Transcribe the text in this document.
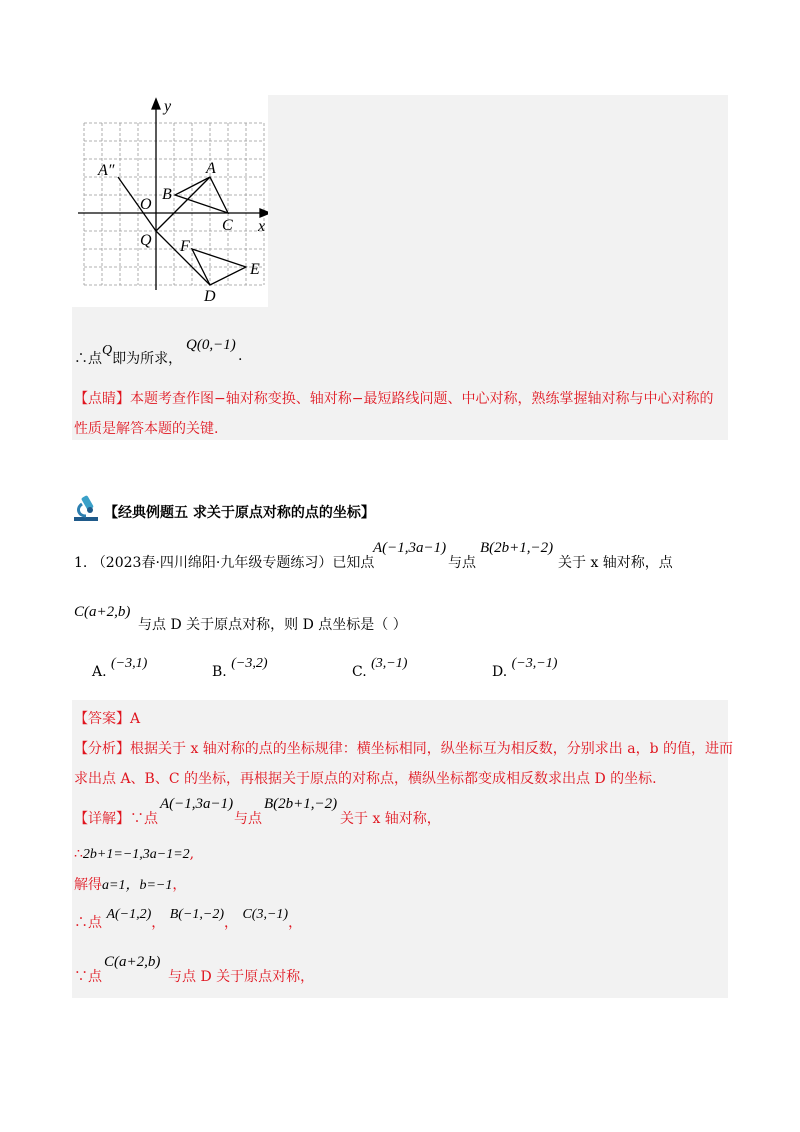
y
x
A″	A
B
O
C
Q F
E
D
∴点Q即为所求，
Q(0,−1)
.
【点睛】本题考查作图−轴对称变换、轴对称−最短路线问题、中心对称，熟练掌握轴对称与中心对称的
性质是解答本题的关键.
【经典例题五 求关于原点对称的点的坐标】
1. （2023春·四川绵阳·九年级专题练习）已知点
A(−1,3a−1)
与点
B(2b+1,−2)
关于 x 轴对称，点
C(a+2,b)
与点 D 关于原点对称，则 D 点坐标是（ ）
A. (−3,1)
B. (−3,2)
C. (3,−1)
D. (−3,−1)
【答案】A
【分析】根据关于 x 轴对称的点的坐标规律：横坐标相同，纵坐标互为相反数，分别求出 a，b 的值，进而
求出点 A、B、C 的坐标，再根据关于原点的对称点，横纵坐标都变成相反数求出点 D 的坐标.
【详解】∵点
A(−1,3a−1)
与点
B(2b+1,−2)
关于 x 轴对称，
∴2b+1=−1,3a−1=2,
解得a=1，b=−1，
∴点 A(−1,2)， B(−1,−2)， C(3,−1)，
∵点
C(a+2,b)
与点 D 关于原点对称，
